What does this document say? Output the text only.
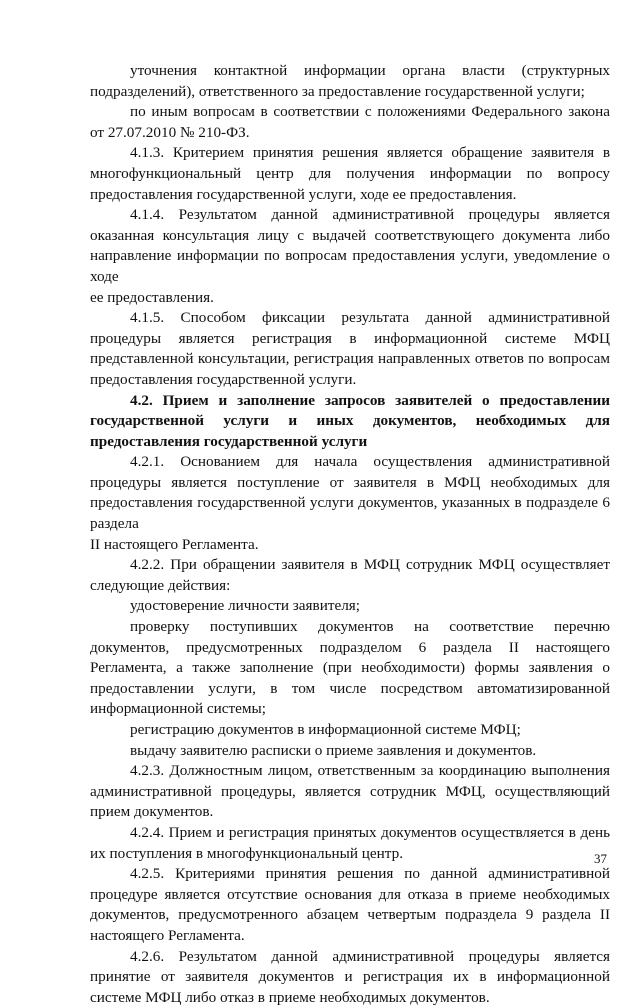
уточнения контактной информации органа власти (структурных подразделений), ответственного за предоставление государственной услуги;

по иным вопросам в соответствии с положениями Федерального закона от 27.07.2010 № 210-ФЗ.

4.1.3. Критерием принятия решения является обращение заявителя в многофункциональный центр для получения информации по вопросу предоставления государственной услуги, ходе ее предоставления.

4.1.4. Результатом данной административной процедуры является оказанная консультация лицу с выдачей соответствующего документа либо направление информации по вопросам предоставления услуги, уведомление о ходе

ее предоставления.

4.1.5. Способом фиксации результата данной административной процедуры является регистрация в информационной системе МФЦ представленной консультации, регистрация направленных ответов по вопросам предоставления государственной услуги.

4.2. Прием и заполнение запросов заявителей о предоставлении государственной услуги и иных документов, необходимых для предоставления государственной услуги

4.2.1. Основанием для начала осуществления административной процедуры является поступление от заявителя в МФЦ необходимых для предоставления государственной услуги документов, указанных в подразделе 6 раздела

II настоящего Регламента.

4.2.2. При обращении заявителя в МФЦ сотрудник МФЦ осуществляет следующие действия:

удостоверение личности заявителя;

проверку поступивших документов на соответствие перечню документов, предусмотренных подразделом 6 раздела II настоящего Регламента, а также заполнение (при необходимости) формы заявления о предоставлении услуги, в том числе посредством автоматизированной информационной системы;

регистрацию документов в информационной системе МФЦ;

выдачу заявителю расписки о приеме заявления и документов.

4.2.3. Должностным лицом, ответственным за координацию выполнения административной процедуры, является сотрудник МФЦ, осуществляющий прием документов.

4.2.4. Прием и регистрация принятых документов осуществляется в день их поступления в многофункциональный центр.

4.2.5. Критериями принятия решения по данной административной процедуре является отсутствие основания для отказа в приеме необходимых документов, предусмотренного абзацем четвертым подраздела 9 раздела II настоящего Регламента.

4.2.6. Результатом данной административной процедуры является принятие от заявителя документов и регистрация их в информационной системе МФЦ либо отказ в приеме необходимых документов.

37
